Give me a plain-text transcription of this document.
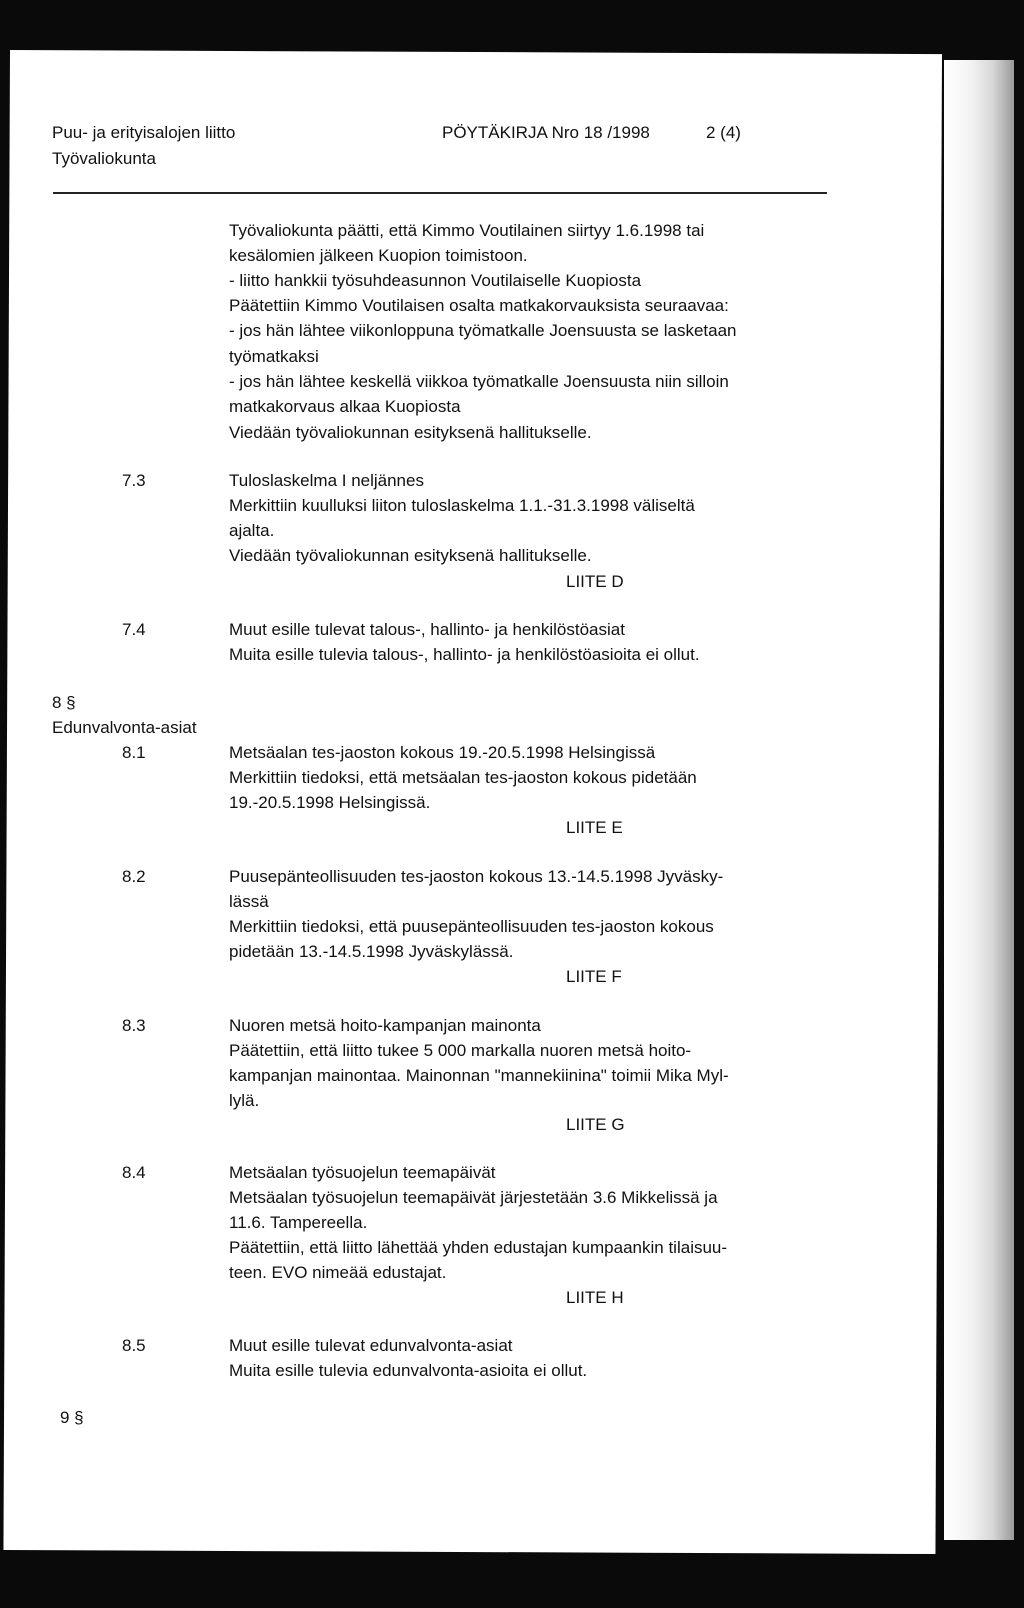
Puu- ja erityisalojen liitto
Työvaliokunta
PÖYTÄKIRJA Nro 18 /1998	2 (4)
Työvaliokunta päätti, että Kimmo Voutilainen siirtyy 1.6.1998 tai
kesälomien jälkeen Kuopion toimistoon.
- liitto hankkii työsuhdeasunnon Voutilaiselle Kuopiosta
Päätettiin Kimmo Voutilaisen osalta matkakorvauksista seuraavaa:
- jos hän lähtee viikonloppuna työmatkalle Joensuusta se lasketaan
työmatkaksi
- jos hän lähtee keskellä viikkoa työmatkalle Joensuusta niin silloin
matkakorvaus alkaa Kuopiosta
Viedään työvaliokunnan esityksenä hallitukselle.
7.3	Tuloslaskelma I neljännes
Merkittiin kuulluksi liiton tuloslaskelma 1.1.-31.3.1998 väliseltä
ajalta.
Viedään työvaliokunnan esityksenä hallitukselle.
LIITE D
7.4	Muut esille tulevat talous-, hallinto- ja henkilöstöasiat
Muita esille tulevia talous-, hallinto- ja henkilöstöasioita ei ollut.
8 §
Edunvalvonta-asiat
8.1	Metsäalan tes-jaoston kokous 19.-20.5.1998 Helsingissä
Merkittiin tiedoksi, että metsäalan tes-jaoston kokous pidetään
19.-20.5.1998 Helsingissä.
LIITE E
8.2	Puusepänteollisuuden tes-jaoston kokous 13.-14.5.1998 Jyväsky-
lässä
Merkittiin tiedoksi, että puusepänteollisuuden tes-jaoston kokous
pidetään 13.-14.5.1998 Jyväskylässä.
LIITE F
8.3	Nuoren metsä hoito-kampanjan mainonta
Päätettiin, että liitto tukee 5 000 markalla nuoren metsä hoito-
kampanjan mainontaa. Mainonnan "mannekiinina" toimii Mika Myl-
lylä.
LIITE G
8.4	Metsäalan työsuojelun teemapäivät
Metsäalan työsuojelun teemapäivät järjestetään 3.6 Mikkelissä ja
11.6. Tampereella.
Päätettiin, että liitto lähettää yhden edustajan kumpaankin tilaisuu-
teen. EVO nimeää edustajat.
LIITE H
8.5	Muut esille tulevat edunvalvonta-asiat
Muita esille tulevia edunvalvonta-asioita ei ollut.
9 §
